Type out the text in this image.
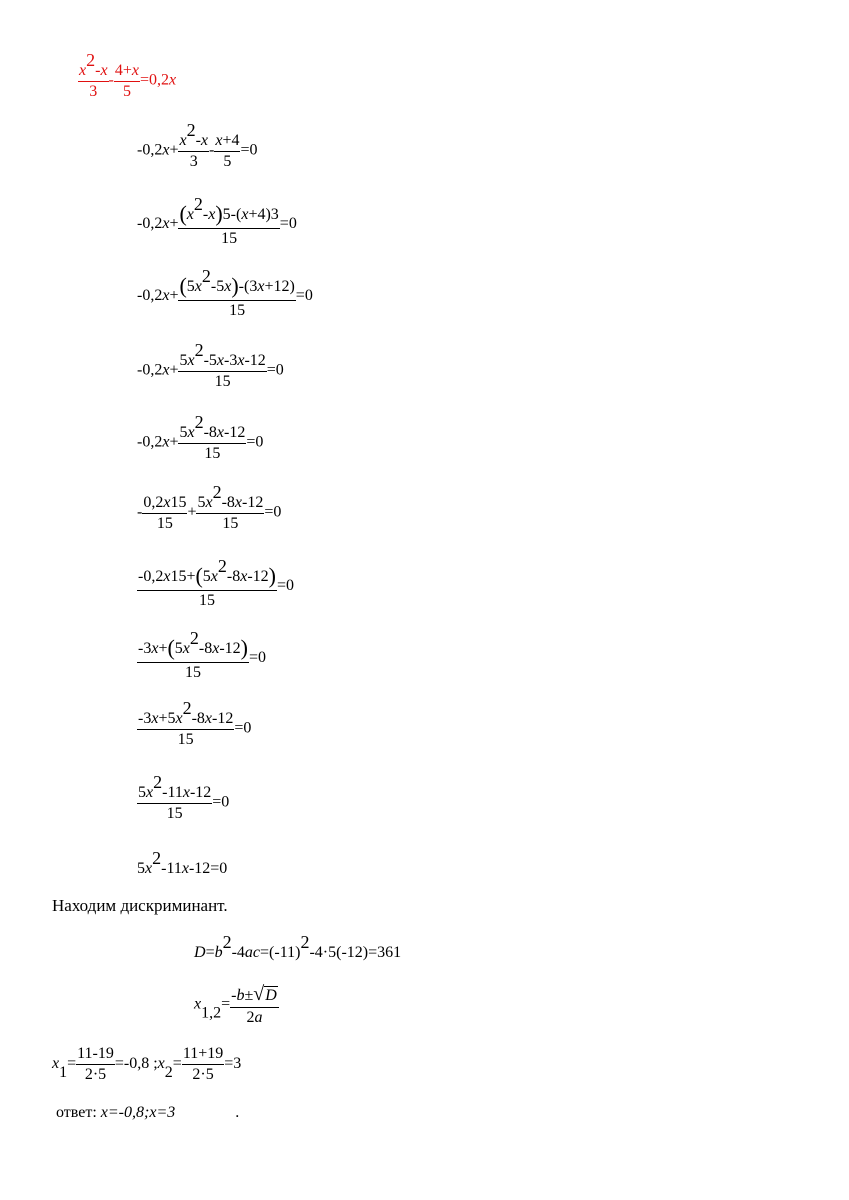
$\frac{x2-x}{3} - \frac{4+x}{5} =0,2x$
$-0,2x+ \frac{x2-x}{3} - \frac{x+4}{5} =0$
$-0,2x+ \frac{(x2-x)5-(x+4)3}{15} =0$
$-0,2x+ \frac{(5x2-5x)-(3x+12)}{15} =0$
$-0,2x+ \frac{5x2-5x-3x-12}{15} =0$
$-0,2x+ \frac{5x2-8x-12}{15} =0$
- $\frac{0,2x15}{15} + \frac{5x2-8x-12}{15} =0$
$\frac{-0,2x15+(5x2-8x-12)}{15} =0$
$\frac{-3x+(5x2-8x-12)}{15} =0$
$\frac{-3x+5x2-8x-12}{15} =0$
$\frac{5x2-11x-12}{15} =0$
5x2-11x-12=0
Находим дискриминант.
D=b2-4ac=(-11)2-4·5(-12)=361
$x1,2= \frac{-b\pm√D}{2a}$
$x1= \frac{11-19}{2\cdot 5} =-0,8$ ;x2= $\frac{11+19}{2\cdot 5} =3$
ответ: x=-0,8;x=3	.
